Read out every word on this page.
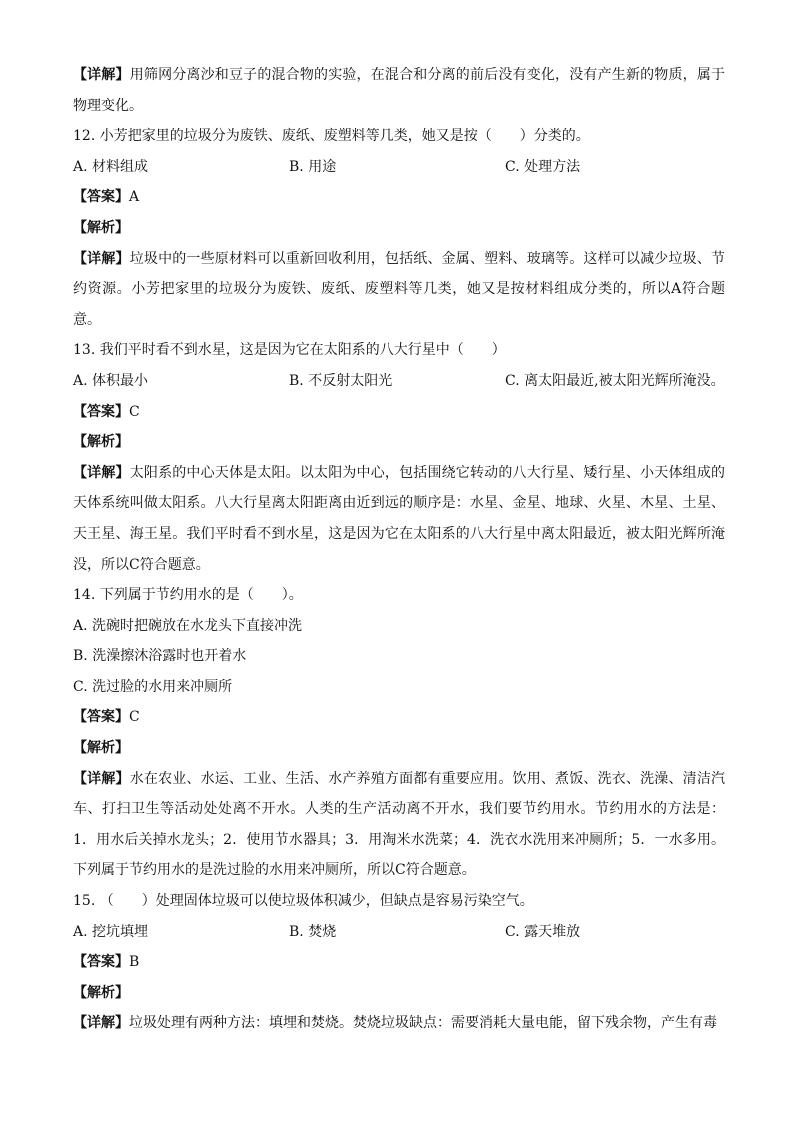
【详解】用筛网分离沙和豆子的混合物的实验，在混合和分离的前后没有变化，没有产生新的物质，属于物理变化。
12. 小芳把家里的垃圾分为废铁、废纸、废塑料等几类，她又是按（　　）分类的。
A. 材料组成	B. 用途	C. 处理方法
【答案】A
【解析】
【详解】垃圾中的一些原材料可以重新回收利用，包括纸、金属、塑料、玻璃等。这样可以减少垃圾、节约资源。小芳把家里的垃圾分为废铁、废纸、废塑料等几类，她又是按材料组成分类的，所以A符合题意。
13. 我们平时看不到水星，这是因为它在太阳系的八大行星中（　　）
A. 体积最小	B. 不反射太阳光	C. 离太阳最近,被太阳光辉所淹没。
【答案】C
【解析】
【详解】太阳系的中心天体是太阳。以太阳为中心，包括围绕它转动的八大行星、矮行星、小天体组成的天体系统叫做太阳系。八大行星离太阳距离由近到远的顺序是：水星、金星、地球、火星、木星、土星、天王星、海王星。我们平时看不到水星，这是因为它在太阳系的八大行星中离太阳最近，被太阳光辉所淹没，所以C符合题意。
14. 下列属于节约用水的是（　　）。
A. 洗碗时把碗放在水龙头下直接冲洗
B. 洗澡擦沐浴露时也开着水
C. 洗过脸的水用来冲厕所
【答案】C
【解析】
【详解】水在农业、水运、工业、生活、水产养殖方面都有重要应用。饮用、煮饭、洗衣、洗澡、清洁汽车、打扫卫生等活动处处离不开水。人类的生产活动离不开水，我们要节约用水。节约用水的方法是：1．用水后关掉水龙头；2．使用节水器具；3．用淘米水洗菜；4．洗衣水洗用来冲厕所；5．一水多用。下列属于节约用水的是洗过脸的水用来冲厕所，所以C符合题意。
15. （　　）处理固体垃圾可以使垃圾体积减少，但缺点是容易污染空气。
A. 挖坑填埋	B. 焚烧	C. 露天堆放
【答案】B
【解析】
【详解】垃圾处理有两种方法：填埋和焚烧。焚烧垃圾缺点：需要消耗大量电能，留下残余物，产生有毒
